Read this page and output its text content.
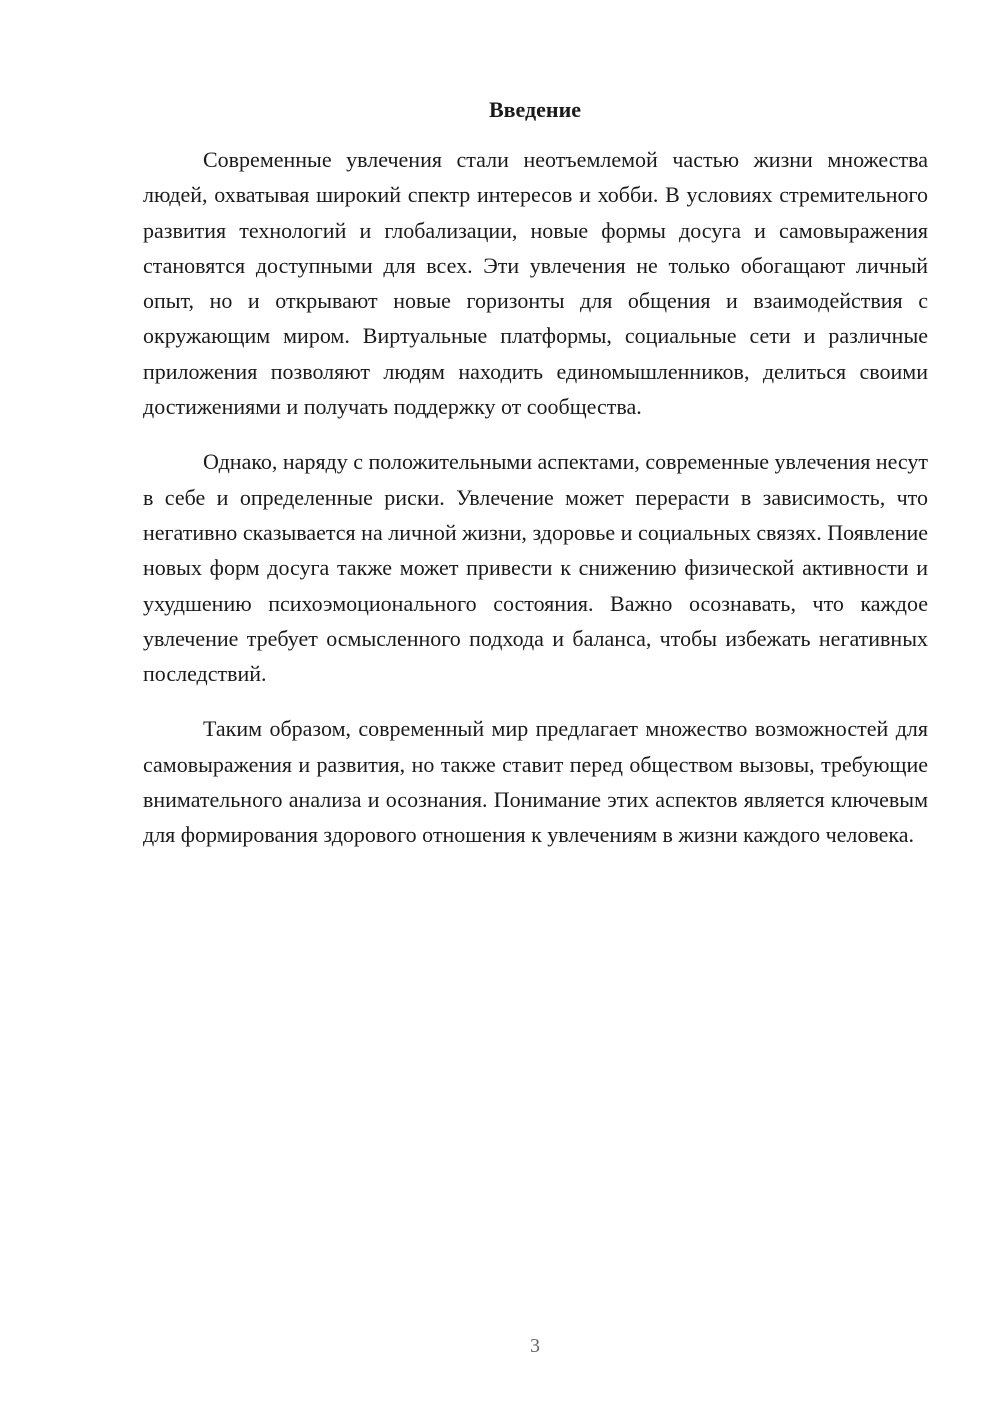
Введение

Современные увлечения стали неотъемлемой частью жизни множества людей, охватывая широкий спектр интересов и хобби. В условиях стремительного развития технологий и глобализации, новые формы досуга и самовыражения становятся доступными для всех. Эти увлечения не только обогащают личный опыт, но и открывают новые горизонты для общения и взаимодействия с окружающим миром. Виртуальные платформы, социальные сети и различные приложения позволяют людям находить единомышленников, делиться своими достижениями и получать поддержку от сообщества.

Однако, наряду с положительными аспектами, современные увлечения несут в себе и определенные риски. Увлечение может перерасти в зависимость, что негативно сказывается на личной жизни, здоровье и социальных связях. Появление новых форм досуга также может привести к снижению физической активности и ухудшению психоэмоционального состояния. Важно осознавать, что каждое увлечение требует осмысленного подхода и баланса, чтобы избежать негативных последствий.

Таким образом, современный мир предлагает множество возможностей для самовыражения и развития, но также ставит перед обществом вызовы, требующие внимательного анализа и осознания. Понимание этих аспектов является ключевым для формирования здорового отношения к увлечениям в жизни каждого человека.

3
